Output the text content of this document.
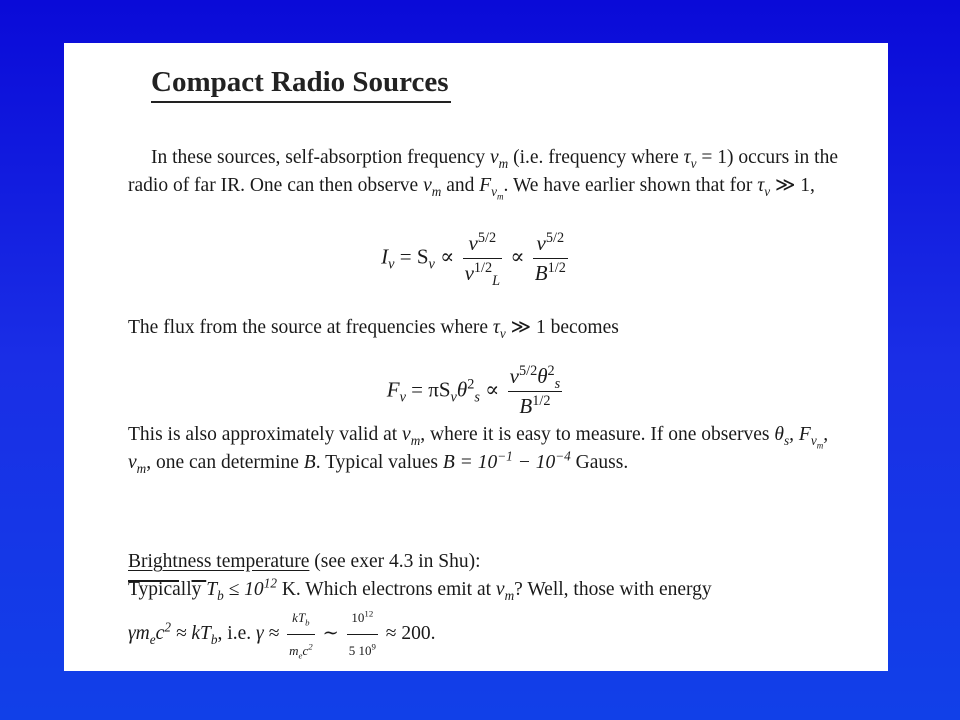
Compact Radio Sources

In these sources, self-absorption frequency $\nu_m$ (i.e. frequency where $\tau_\nu = 1$) occurs in the radio of far IR. One can then observe $\nu_m$ and $F_{\nu_m}$. We have earlier shown that for $\tau_\nu$ ≫ 1,

$I_\nu = S_\nu \propto \frac{\nu^{5/2}}{\nu^{1/2}_L} \propto \frac{\nu^{5/2}}{B^{1/2}}$

The flux from the source at frequencies where $\tau_\nu$ ≫ 1 becomes

$F_\nu = \pi S_\nu\theta^2_s \propto \frac{\nu^{5/2}\theta^2_s}{B^{1/2}}$

This is also approximately valid at $\nu_m$, where it is easy to measure. If one observes $\theta_s$, $F_{\nu_m}$, $\nu_m$, one can determine B. Typical values $B = 10^{-1} - 10^{-4}$ Gauss.

Brightness temperature (see exer 4.3 in Shu):
Typically $T_b \le 10^{12}$ K. Which electrons emit at $\nu_m$? Well, those with energy
$\gamma m_ec^2 \approx kT_b$, i.e. $\gamma \approx \frac{kT_b}{m_ec^2}$ ∼ $\frac{10^{12}}{5 10^9} \approx 200$.
